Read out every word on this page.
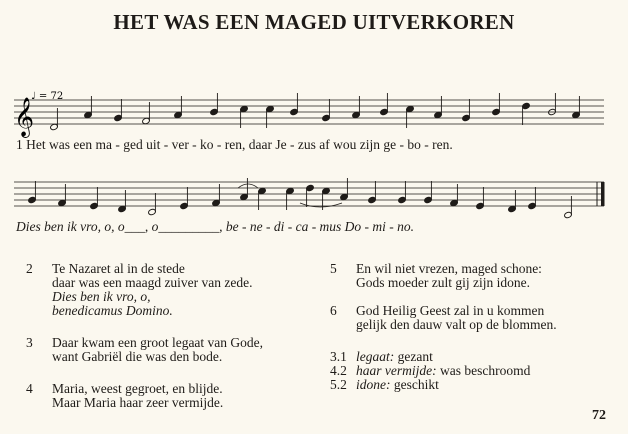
HET WAS EEN MAGED UITVERKOREN
♩ = 72
𝄞
1 Het was een ma - ged uit - ver - ko - ren, daar Je - zus af wou zijn ge - bo - ren.
Dies ben ik vro, o, o___, o_________, be - ne - di - ca - mus Do - mi - no.
2 Te Nazaret al in de stede
daar was een maagd zuiver van zede.
Dies ben ik vro, o,
benedicamus Domino.
3 Daar kwam een groot legaat van Gode,
want Gabriël die was den bode.
4 Maria, weest gegroet, en blijde.
Maar Maria haar zeer vermijde.
5 En wil niet vrezen, maged schone:
Gods moeder zult gij zijn idone.
6 God Heilig Geest zal in u kommen
gelijk den dauw valt op de blommen.
3.1 legaat: gezant
4.2 haar vermijde: was beschroomd
5.2 idone: geschikt
72
